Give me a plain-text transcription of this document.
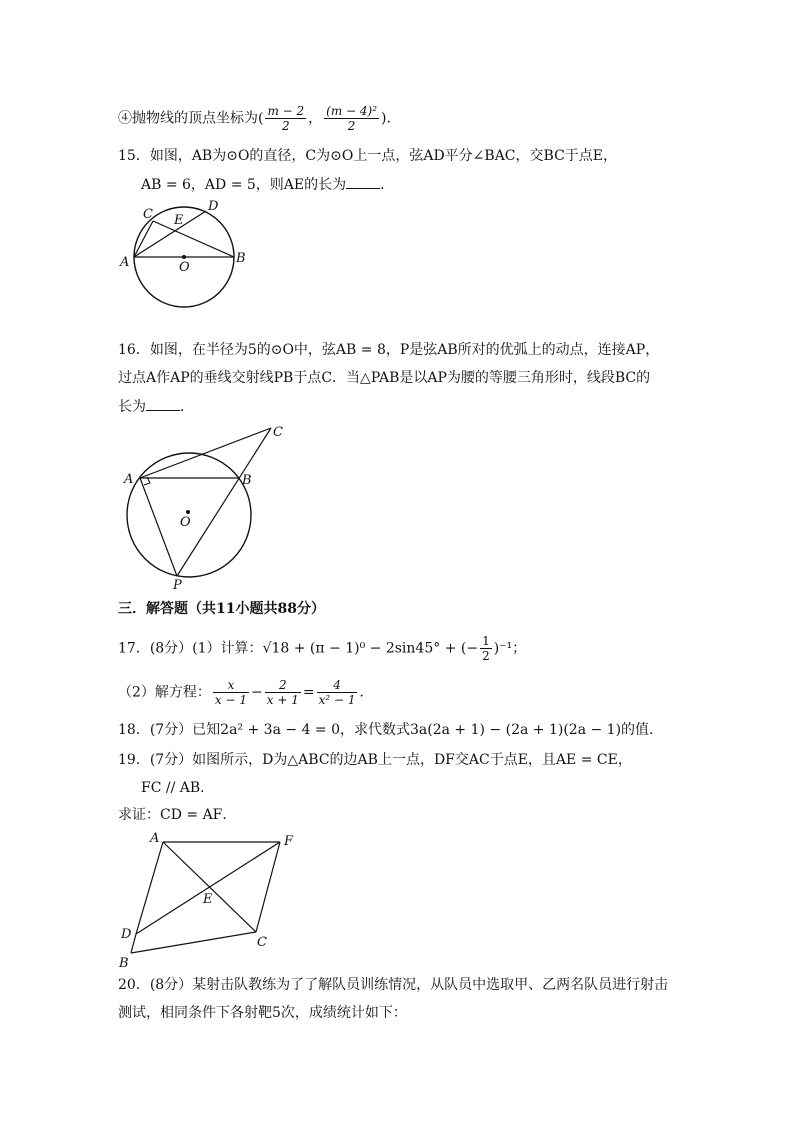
④抛物线的顶点坐标为( $\frac{m - 2}{2}$ ， $\frac{\text{(m − 4)²}}{2}$ )．
15．如图，AB为⊙O的直径，C为⊙O上一点，弦AD平分∠BAC，交BC于点E，
AB = 6，AD = 5，则AE的长为 ．
C E
D
A	O
B
16．如图，在半径为5的⊙O中，弦AB = 8，P是弦AB所对的优弧上的动点，连接AP，
过点A作AP的垂线交射线PB于点C．当△PAB是以AP为腰的等腰三角形时，线段BC的
长为 ．
C
A	B
O
P
三．解答题（共11小题共88分）
17．(8分）(1）计算：√18 + (π − 1)⁰ − 2sin45° + (− $\frac{1}{2} )^{-1}$；
（2）解方程： $\frac{x}{x - 1} - \frac{2}{x + 1} = \frac{4}{\text{x² − 1}}$ ．
18．(7分）已知2a² + 3a − 4 = 0，求代数式3a(2a + 1) − (2a + 1)(2a − 1)的值．
19．(7分）如图所示，D为△ABC的边AB上一点，DF交AC于点E，且AE = CE，
FC // AB．
求证：CD = AF．
A	F
E
D
C
B
20．(8分）某射击队教练为了了解队员训练情况，从队员中选取甲、乙两名队员进行射击
测试，相同条件下各射靶5次，成绩统计如下：
